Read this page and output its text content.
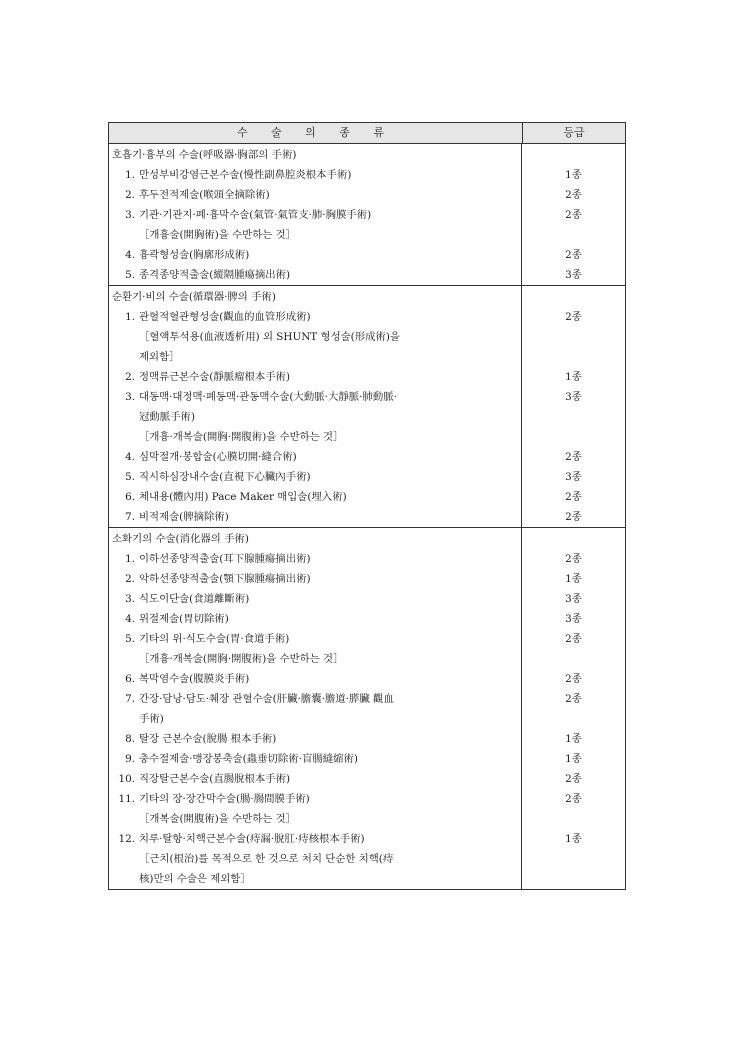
수 술 의 종 류	등급
호흡기·흉부의 수술(呼吸器·胸部의 手術)
1. 만성부비강염근본수술(慢性副鼻腔炎根本手術)
2. 후두전적제술(喉頭全摘除術)
3. 기관·기관지·폐·흉막수술(氣管·氣管支·肺·胸膜手術)
［개흉술(開胸術)을 수반하는 것］
4. 흉곽형성술(胸廓形成術)
5. 종격종양적출술(縱隔腫瘍摘出術)
1종
2종
2종
2종
3종
순환기·비의 수술(循環器·脾의 手術)
1. 관혈적혈관형성술(觀血的血管形成術)
［혈액투석용(血液透析用) 외 SHUNT 형성술(形成術)을
제외함］
2. 정맥류근본수술(靜脈瘤根本手術)
3. 대동맥·대정맥·폐동맥·관동맥수술(大動脈·大靜脈·肺動脈·
冠動脈手術)
［개흉·개복술(開胸·開腹術)을 수반하는 것］
4. 심막절개·봉합술(心膜切開·縫合術)
5. 직시하심장내수술(直視下心臟內手術)
6. 체내용(體內用) Pace Maker 매입술(埋入術)
7. 비적제술(脾摘除術)
2종
1종
3종
2종
3종
2종
2종
소화기의 수술(消化器의 手術)
1. 이하선종양적출술(耳下腺腫瘍摘出術)
2. 악하선종양적출술(顎下腺腫瘍摘出術)
3. 식도이단술(食道離斷術)
4. 위절제술(胃切除術)
5. 기타의 위·식도수술(胃·食道手術)
［개흉·개복술(開胸·開腹術)을 수반하는 것］
6. 복막염수술(腹膜炎手術)
7. 간장·담낭·담도·췌장 관혈수술(肝臟·膽囊·膽道·膵臟 觀血
手術)
8. 탈장 근본수술(脫腸 根本手術)
9. 충수절제술·맹장봉축술(蟲垂切除術·盲腸縫縮術)
10. 직장탈근본수술(直腸脫根本手術)
11. 기타의 장·장간막수술(腸·腸間膜手術)
［개복술(開腹術)을 수반하는 것］
12. 치루·탈항·치핵근본수술(痔漏·脫肛·痔核根本手術)
［근치(根治)를 목적으로 한 것으로 처치 단순한 치핵(痔
核)만의 수술은 제외함］
2종
1종
3종
3종
2종
2종
2종
1종
1종
2종
2종
1종
